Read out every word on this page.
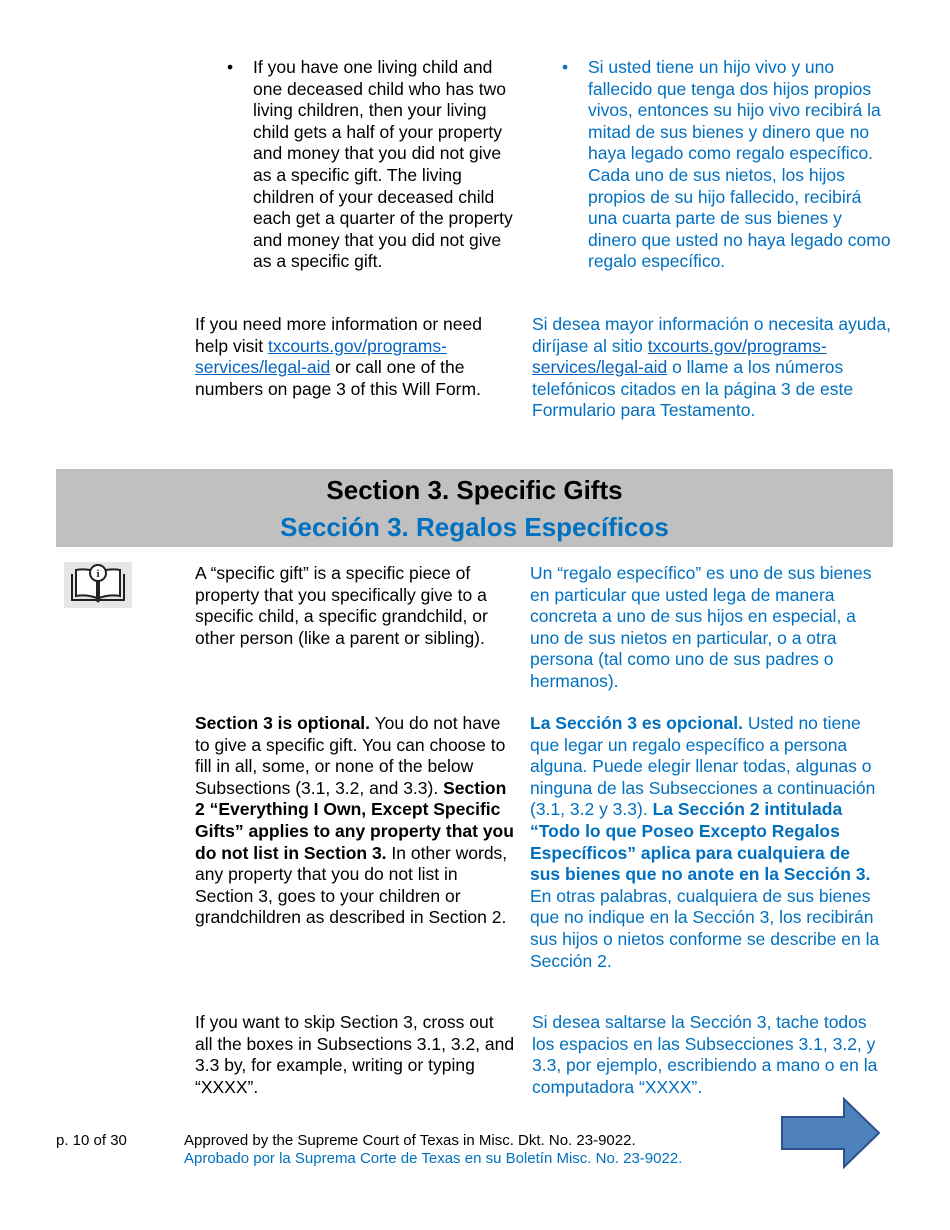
• If you have one living child and one deceased child who has two living children, then your living child gets a half of your property and money that you did not give as a specific gift. The living children of your deceased child each get a quarter of the property and money that you did not give as a specific gift.
• Si usted tiene un hijo vivo y uno fallecido que tenga dos hijos propios vivos, entonces su hijo vivo recibirá la mitad de sus bienes y dinero que no haya legado como regalo específico. Cada uno de sus nietos, los hijos propios de su hijo fallecido, recibirá una cuarta parte de sus bienes y dinero que usted no haya legado como regalo específico.
If you need more information or need help visit txcourts.gov/programs-services/legal-aid or call one of the numbers on page 3 of this Will Form.
Si desea mayor información o necesita ayuda, diríjase al sitio txcourts.gov/programs-services/legal-aid o llame a los números telefónicos citados en la página 3 de este Formulario para Testamento.
Section 3. Specific Gifts
Sección 3. Regalos Específicos
i	A “specific gift” is a specific piece of property that you specifically give to a specific child, a specific grandchild, or other person (like a parent or sibling).
Un “regalo específico” es uno de sus bienes en particular que usted lega de manera concreta a uno de sus hijos en especial, a uno de sus nietos en particular, o a otra persona (tal como uno de sus padres o hermanos).
Section 3 is optional. You do not have to give a specific gift. You can choose to fill in all, some, or none of the below Subsections (3.1, 3.2, and 3.3). Section 2 “Everything I Own, Except Specific Gifts” applies to any property that you do not list in Section 3. In other words, any property that you do not list in Section 3, goes to your children or grandchildren as described in Section 2.
La Sección 3 es opcional. Usted no tiene que legar un regalo específico a persona alguna. Puede elegir llenar todas, algunas o ninguna de las Subsecciones a continuación (3.1, 3.2 y 3.3). La Sección 2 intitulada “Todo lo que Poseo Excepto Regalos Específicos” aplica para cualquiera de sus bienes que no anote en la Sección 3. En otras palabras, cualquiera de sus bienes que no indique en la Sección 3, los recibirán sus hijos o nietos conforme se describe en la Sección 2.
If you want to skip Section 3, cross out all the boxes in Subsections 3.1, 3.2, and 3.3 by, for example, writing or typing “XXXX”.
Si desea saltarse la Sección 3, tache todos los espacios en las Subsecciones 3.1, 3.2, y 3.3, por ejemplo, escribiendo a mano o en la computadora “XXXX”.
p. 10 of 30	Approved by the Supreme Court of Texas in Misc. Dkt. No. 23-9022.
Aprobado por la Suprema Corte de Texas en su Boletín Misc. No. 23-9022.
